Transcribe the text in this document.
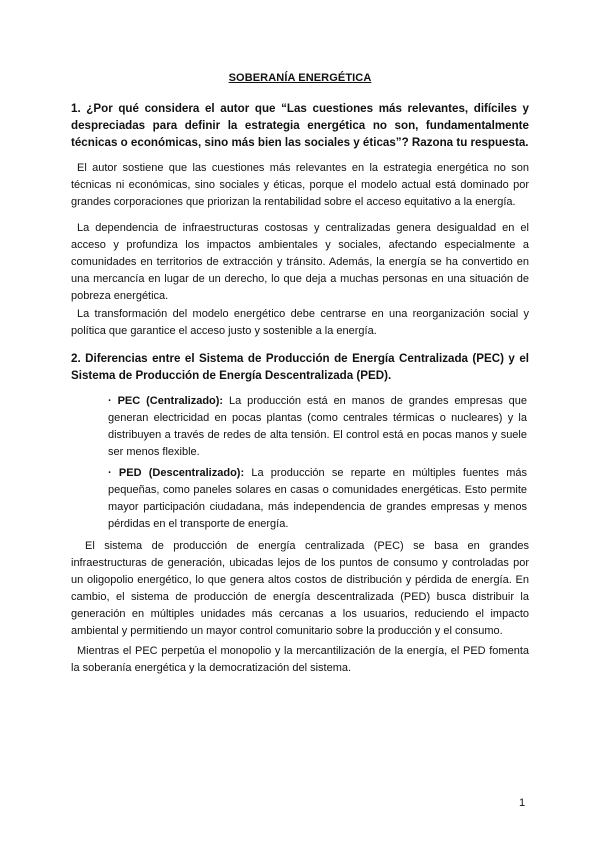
SOBERANÍA ENERGÉTICA

1. ¿Por qué considera el autor que “Las cuestiones más relevantes, difíciles y despreciadas para definir la estrategia energética no son, fundamentalmente técnicas o económicas, sino más bien las sociales y éticas”? Razona tu respuesta.

El autor sostiene que las cuestiones más relevantes en la estrategia energética no son técnicas ni económicas, sino sociales y éticas, porque el modelo actual está dominado por grandes corporaciones que priorizan la rentabilidad sobre el acceso equitativo a la energía.

La dependencia de infraestructuras costosas y centralizadas genera desigualdad en el acceso y profundiza los impactos ambientales y sociales, afectando especialmente a comunidades en territorios de extracción y tránsito. Además, la energía se ha convertido en una mercancía en lugar de un derecho, lo que deja a muchas personas en una situación de pobreza energética.

La transformación del modelo energético debe centrarse en una reorganización social y política que garantice el acceso justo y sostenible a la energía.

2. Diferencias entre el Sistema de Producción de Energía Centralizada (PEC) y el Sistema de Producción de Energía Descentralizada (PED).

· PEC (Centralizado): La producción está en manos de grandes empresas que generan electricidad en pocas plantas (como centrales térmicas o nucleares) y la distribuyen a través de redes de alta tensión. El control está en pocas manos y suele ser menos flexible.

· PED (Descentralizado): La producción se reparte en múltiples fuentes más pequeñas, como paneles solares en casas o comunidades energéticas. Esto permite mayor participación ciudadana, más independencia de grandes empresas y menos pérdidas en el transporte de energía.

El sistema de producción de energía centralizada (PEC) se basa en grandes infraestructuras de generación, ubicadas lejos de los puntos de consumo y controladas por un oligopolio energético, lo que genera altos costos de distribución y pérdida de energía. En cambio, el sistema de producción de energía descentralizada (PED) busca distribuir la generación en múltiples unidades más cercanas a los usuarios, reduciendo el impacto ambiental y permitiendo un mayor control comunitario sobre la producción y el consumo.

Mientras el PEC perpetúa el monopolio y la mercantilización de la energía, el PED fomenta la soberanía energética y la democratización del sistema.

1
